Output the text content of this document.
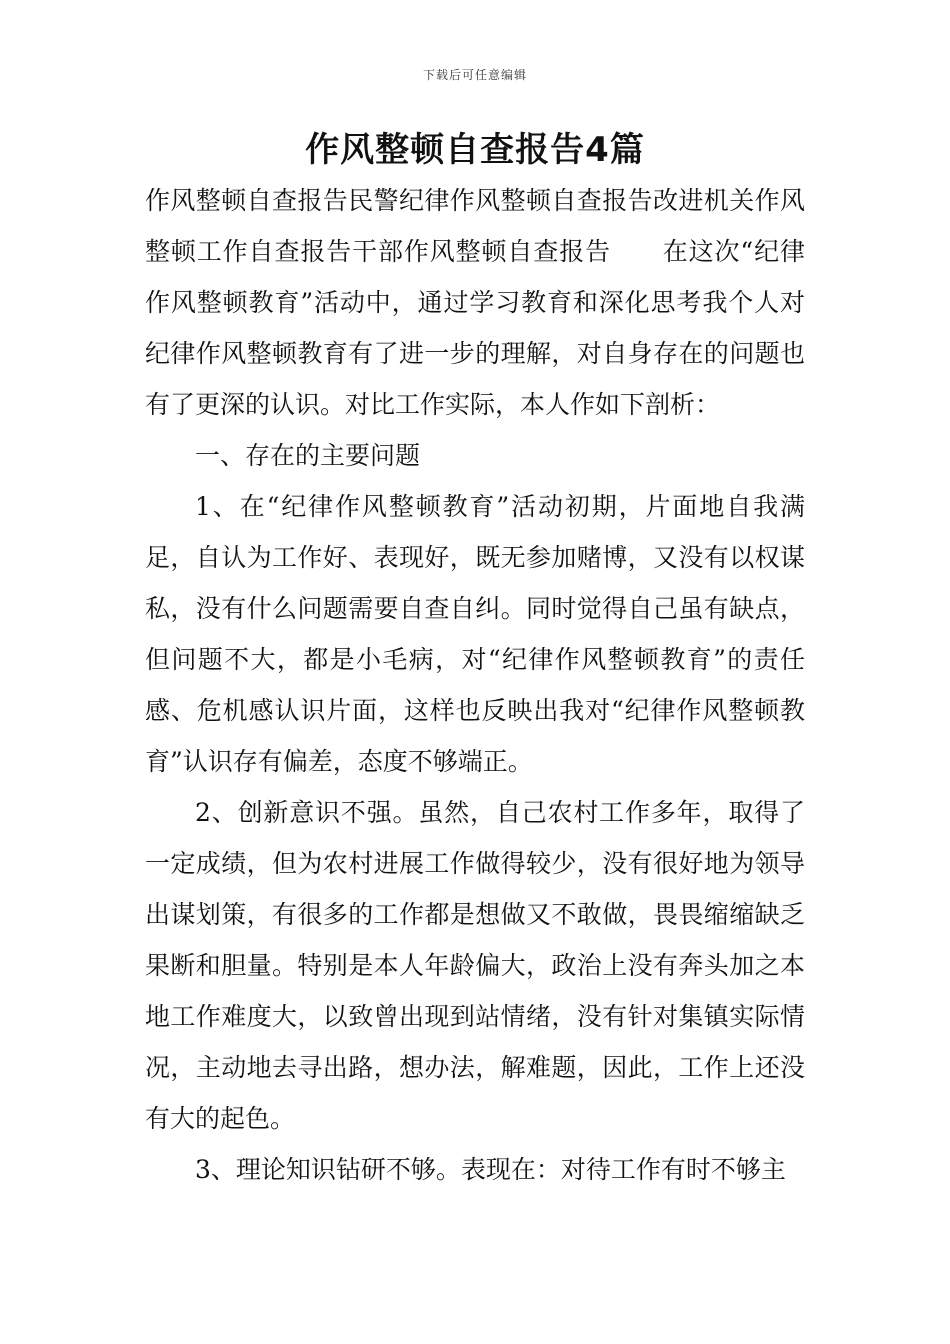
下载后可任意编辑
作风整顿自查报告4篇

作风整顿自查报告民警纪律作风整顿自查报告改进机关作风整顿工作自查报告干部作风整顿自查报告　　在这次“纪律作风整顿教育”活动中，通过学习教育和深化思考我个人对纪律作风整顿教育有了进一步的理解，对自身存在的问题也有了更深的认识。对比工作实际，本人作如下剖析：

一、存在的主要问题

1、在“纪律作风整顿教育”活动初期，片面地自我满足，自认为工作好、表现好，既无参加赌博，又没有以权谋私，没有什么问题需要自查自纠。同时觉得自己虽有缺点，但问题不大，都是小毛病，对“纪律作风整顿教育”的责任感、危机感认识片面，这样也反映出我对“纪律作风整顿教育”认识存有偏差，态度不够端正。

2、创新意识不强。虽然，自己农村工作多年，取得了一定成绩，但为农村进展工作做得较少，没有很好地为领导出谋划策，有很多的工作都是想做又不敢做，畏畏缩缩缺乏果断和胆量。特别是本人年龄偏大，政治上没有奔头加之本地工作难度大，以致曾出现到站情绪，没有针对集镇实际情况，主动地去寻出路，想办法，解难题，因此，工作上还没有大的起色。

3、理论知识钻研不够。表现在：对待工作有时不够主
